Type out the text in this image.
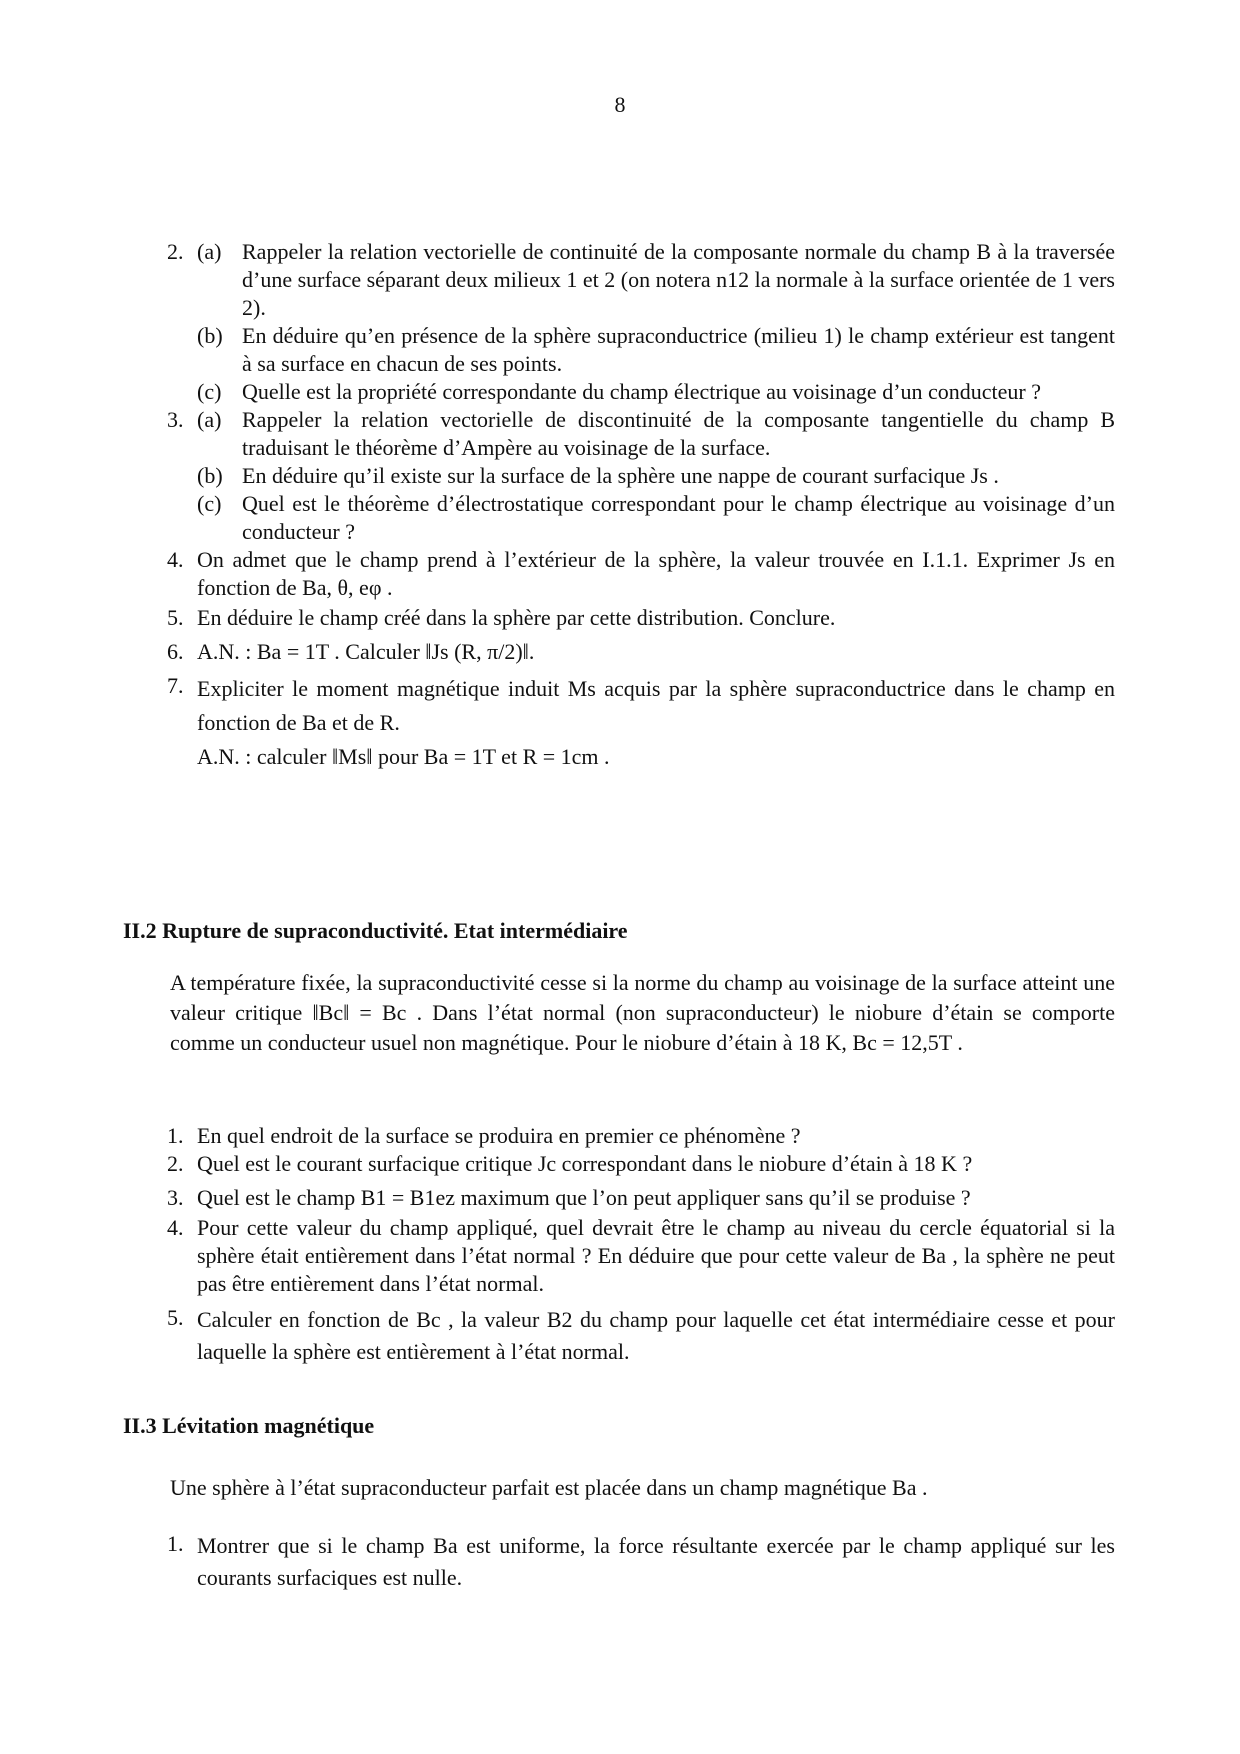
8
2. (a) Rappeler la relation vectorielle de continuité de la composante normale du champ B à la traversée d’une surface séparant deux milieux 1 et 2 (on notera n12 la normale à la surface orientée de 1 vers 2).
(b) En déduire qu’en présence de la sphère supraconductrice (milieu 1) le champ extérieur est tangent à sa surface en chacun de ses points.
(c) Quelle est la propriété correspondante du champ électrique au voisinage d’un conducteur ?
3. (a) Rappeler la relation vectorielle de discontinuité de la composante tangentielle du champ B traduisant le théorème d’Ampère au voisinage de la surface.
(b) En déduire qu’il existe sur la surface de la sphère une nappe de courant surfacique Js .
(c) Quel est le théorème d’électrostatique correspondant pour le champ électrique au voisinage d’un conducteur ?
4. On admet que le champ prend à l’extérieur de la sphère, la valeur trouvée en I.1.1. Exprimer Js en fonction de Ba, θ, eφ .
5. En déduire le champ créé dans la sphère par cette distribution. Conclure.
6. A.N. : Ba = 1T . Calculer ‖Js (R, π/2)‖.
7. Expliciter le moment magnétique induit Ms acquis par la sphère supraconductrice dans le champ en fonction de Ba et de R.
A.N. : calculer ‖Ms‖ pour Ba = 1T et R = 1cm .
II.2 Rupture de supraconductivité. Etat intermédiaire
A température fixée, la supraconductivité cesse si la norme du champ au voisinage de la surface atteint une valeur critique ‖Bc‖ = Bc . Dans l’état normal (non supraconducteur) le niobure d’étain se comporte comme un conducteur usuel non magnétique. Pour le niobure d’étain à 18 K, Bc = 12,5T .
1. En quel endroit de la surface se produira en premier ce phénomène ?
2. Quel est le courant surfacique critique Jc correspondant dans le niobure d’étain à 18 K ?
3. Quel est le champ B1 = B1ez maximum que l’on peut appliquer sans qu’il se produise ?
4. Pour cette valeur du champ appliqué, quel devrait être le champ au niveau du cercle équatorial si la sphère était entièrement dans l’état normal ? En déduire que pour cette valeur de Ba , la sphère ne peut pas être entièrement dans l’état normal.
5. Calculer en fonction de Bc , la valeur B2 du champ pour laquelle cet état intermédiaire cesse et pour laquelle la sphère est entièrement à l’état normal.
II.3 Lévitation magnétique
Une sphère à l’état supraconducteur parfait est placée dans un champ magnétique Ba .
1. Montrer que si le champ Ba est uniforme, la force résultante exercée par le champ appliqué sur les courants surfaciques est nulle.
